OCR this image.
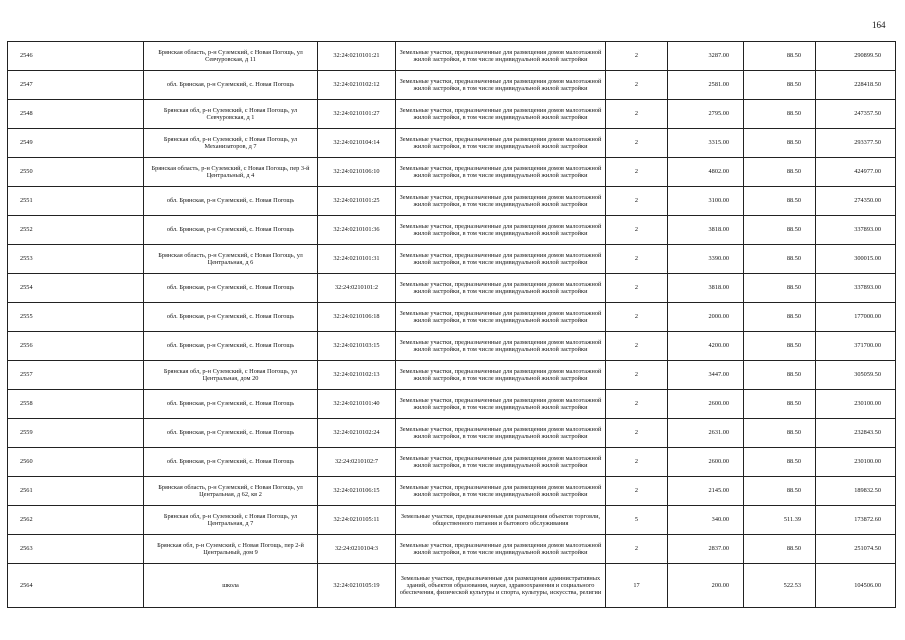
164
2546	Брянская область, р-н Суземский, с Новая Погощь, ул Севчуровская, д 11	32:24:0210101:21	Земельные участки, предназначенные для размещения домов малоэтажной жилой застройки, в том числе индивидуальной жилой застройки	2	3287.00	88.50	290899.50
2547	обл. Брянская, р-н Суземский, с. Новая Погощь	32:24:0210102:12	Земельные участки, предназначенные для размещения домов малоэтажной жилой застройки, в том числе индивидуальной жилой застройки	2	2581.00	88.50	228418.50
2548	Брянская обл, р-н Суземский, с Новая Погощь, ул Севчуровская, д 1	32:24:0210101:27	Земельные участки, предназначенные для размещения домов малоэтажной жилой застройки, в том числе индивидуальной жилой застройки	2	2795.00	88.50	247357.50
2549	Брянская обл, р-н Суземский, с Новая Погощь, ул Механизаторов, д 7	32:24:0210104:14	Земельные участки, предназначенные для размещения домов малоэтажной жилой застройки, в том числе индивидуальной жилой застройки	2	3315.00	88.50	293377.50
2550	Брянская область, р-н Суземский, с Новая Погощь, пер 3-й Центральный, д 4	32:24:0210106:10	Земельные участки, предназначенные для размещения домов малоэтажной жилой застройки, в том числе индивидуальной жилой застройки	2	4802.00	88.50	424977.00
2551	обл. Брянская, р-н Суземский, с. Новая Погощь	32:24:0210101:25	Земельные участки, предназначенные для размещения домов малоэтажной жилой застройки, в том числе индивидуальной жилой застройки	2	3100.00	88.50	274350.00
2552	обл. Брянская, р-н Суземский, с. Новая Погощь	32:24:0210101:36	Земельные участки, предназначенные для размещения домов малоэтажной жилой застройки, в том числе индивидуальной жилой застройки	2	3818.00	88.50	337893.00
2553	Брянская область, р-н Суземский, с Новая Погощь, ул Центральная, д 6	32:24:0210101:31	Земельные участки, предназначенные для размещения домов малоэтажной жилой застройки, в том числе индивидуальной жилой застройки	2	3390.00	88.50	300015.00
2554	обл. Брянская, р-н Суземский, с. Новая Погощь	32:24:0210101:2	Земельные участки, предназначенные для размещения домов малоэтажной жилой застройки, в том числе индивидуальной жилой застройки	2	3818.00	88.50	337893.00
2555	обл. Брянская, р-н Суземский, с. Новая Погощь	32:24:0210106:18	Земельные участки, предназначенные для размещения домов малоэтажной жилой застройки, в том числе индивидуальной жилой застройки	2	2000.00	88.50	177000.00
2556	обл. Брянская, р-н Суземский, с. Новая Погощь	32:24:0210103:15	Земельные участки, предназначенные для размещения домов малоэтажной жилой застройки, в том числе индивидуальной жилой застройки	2	4200.00	88.50	371700.00
2557	Брянская обл, р-н Суземский, с Новая Погощь, ул Центральная, дом 20	32:24:0210102:13	Земельные участки, предназначенные для размещения домов малоэтажной жилой застройки, в том числе индивидуальной жилой застройки	2	3447.00	88.50	305059.50
2558	обл. Брянская, р-н Суземский, с. Новая Погощь	32:24:0210101:40	Земельные участки, предназначенные для размещения домов малоэтажной жилой застройки, в том числе индивидуальной жилой застройки	2	2600.00	88.50	230100.00
2559	обл. Брянская, р-н Суземский, с. Новая Погощь	32:24:0210102:24	Земельные участки, предназначенные для размещения домов малоэтажной жилой застройки, в том числе индивидуальной жилой застройки	2	2631.00	88.50	232843.50
2560	обл. Брянская, р-н Суземский, с. Новая Погощь	32:24:0210102:7	Земельные участки, предназначенные для размещения домов малоэтажной жилой застройки, в том числе индивидуальной жилой застройки	2	2600.00	88.50	230100.00
2561	Брянская область, р-н Суземский, с Новая Погощь, ул Центральная, д 62, кв 2	32:24:0210106:15	Земельные участки, предназначенные для размещения домов малоэтажной жилой застройки, в том числе индивидуальной жилой застройки	2	2145.00	88.50	189832.50
2562	Брянская обл, р-н Суземский, с Новая Погощь, ул Центральная, д 7	32:24:0210105:11	Земельные участки, предназначенные для размещения объектов торговли, общественного питания и бытового обслуживания	5	340.00	511.39	173872.60
2563	Брянская обл, р-н Суземский, с Новая Погощь, пер 2-й Центральный, дом 9	32:24:0210104:3	Земельные участки, предназначенные для размещения домов малоэтажной жилой застройки, в том числе индивидуальной жилой застройки	2	2837.00	88.50	251074.50
2564	школа	32:24:0210105:19	Земельные участки, предназначенные для размещения административных зданий, объектов образования, науки, здравоохранения и социального обеспечения, физической культуры и спорта, культуры, искусства, религии	17	200.00	522.53	104506.00
